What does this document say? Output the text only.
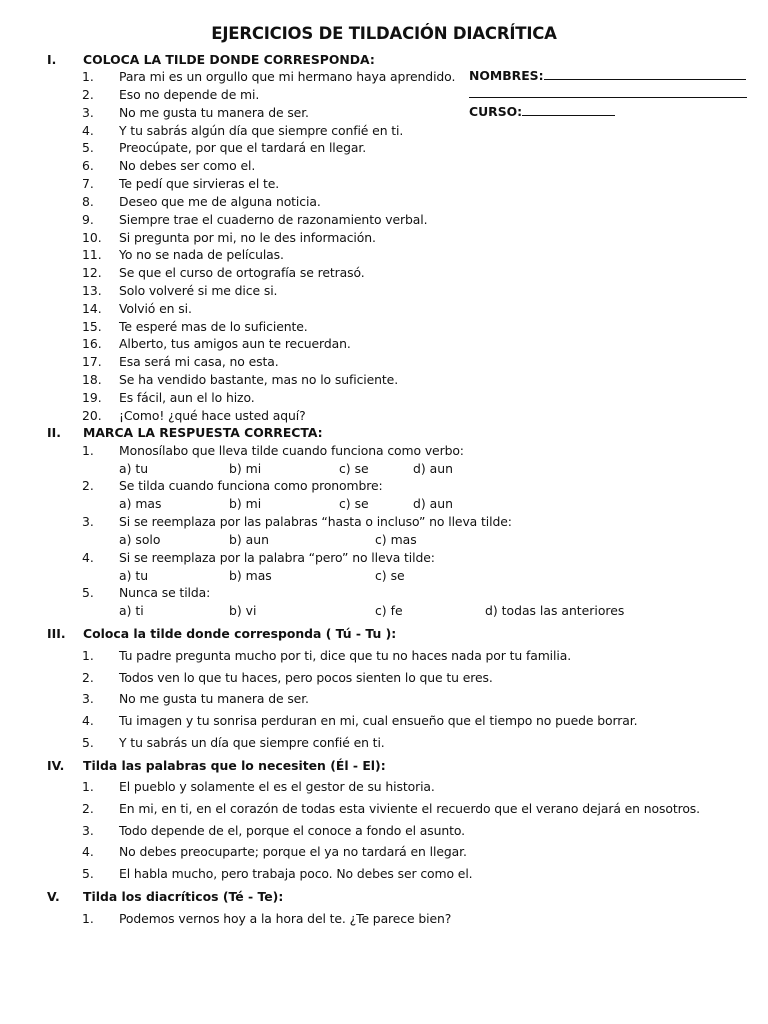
EJERCICIOS DE TILDACIÓN DIACRÍTICA
NOMBRES:
CURSO:
I. COLOCA LA TILDE DONDE CORRESPONDA:
1. Para mi es un orgullo que mi hermano haya aprendido.
2. Eso no depende de mi.
3. No me gusta tu manera de ser.
4. Y tu sabrás algún día que siempre confié en ti.
5. Preocúpate, por que el tardará en llegar.
6. No debes ser como el.
7. Te pedí que sirvieras el te.
8. Deseo que me de alguna noticia.
9. Siempre trae el cuaderno de razonamiento verbal.
10. Si pregunta por mi, no le des información.
11. Yo no se nada de películas.
12. Se que el curso de ortografía se retrasó.
13. Solo volveré si me dice si.
14. Volvió en si.
15. Te esperé mas de lo suficiente.
16. Alberto, tus amigos aun te recuerdan.
17. Esa será mi casa, no esta.
18. Se ha vendido bastante, mas no lo suficiente.
19. Es fácil, aun el lo hizo.
20. ¡Como! ¿qué hace usted aquí?
II. MARCA LA RESPUESTA CORRECTA:
1. Monosílabo que lleva tilde cuando funciona como verbo:
a) tu	b) mi	c) se	d) aun
2. Se tilda cuando funciona como pronombre:
a) mas	b) mi	c) se	d) aun
3. Si se reemplaza por las palabras “hasta o incluso” no lleva tilde:
a) solo	b) aun	c) mas
4. Si se reemplaza por la palabra “pero” no lleva tilde:
a) tu	b) mas	c) se
5. Nunca se tilda:
a) ti	b) vi	c) fe	d) todas las anteriores
III. Coloca la tilde donde corresponda ( Tú - Tu ):
1. Tu padre pregunta mucho por ti, dice que tu no haces nada por tu familia.
2. Todos ven lo que tu haces, pero pocos sienten lo que tu eres.
3. No me gusta tu manera de ser.
4. Tu imagen y tu sonrisa perduran en mi, cual ensueño que el tiempo no puede borrar.
5. Y tu sabrás un día que siempre confié en ti.
IV. Tilda las palabras que lo necesiten (Él - El):
1. El pueblo y solamente el es el gestor de su historia.
2. En mi, en ti, en el corazón de todas esta viviente el recuerdo que el verano dejará en nosotros.
3. Todo depende de el, porque el conoce a fondo el asunto.
4. No debes preocuparte; porque el ya no tardará en llegar.
5. El habla mucho, pero trabaja poco. No debes ser como el.
V. Tilda los diacríticos (Té - Te):
1. Podemos vernos hoy a la hora del te. ¿Te parece bien?
